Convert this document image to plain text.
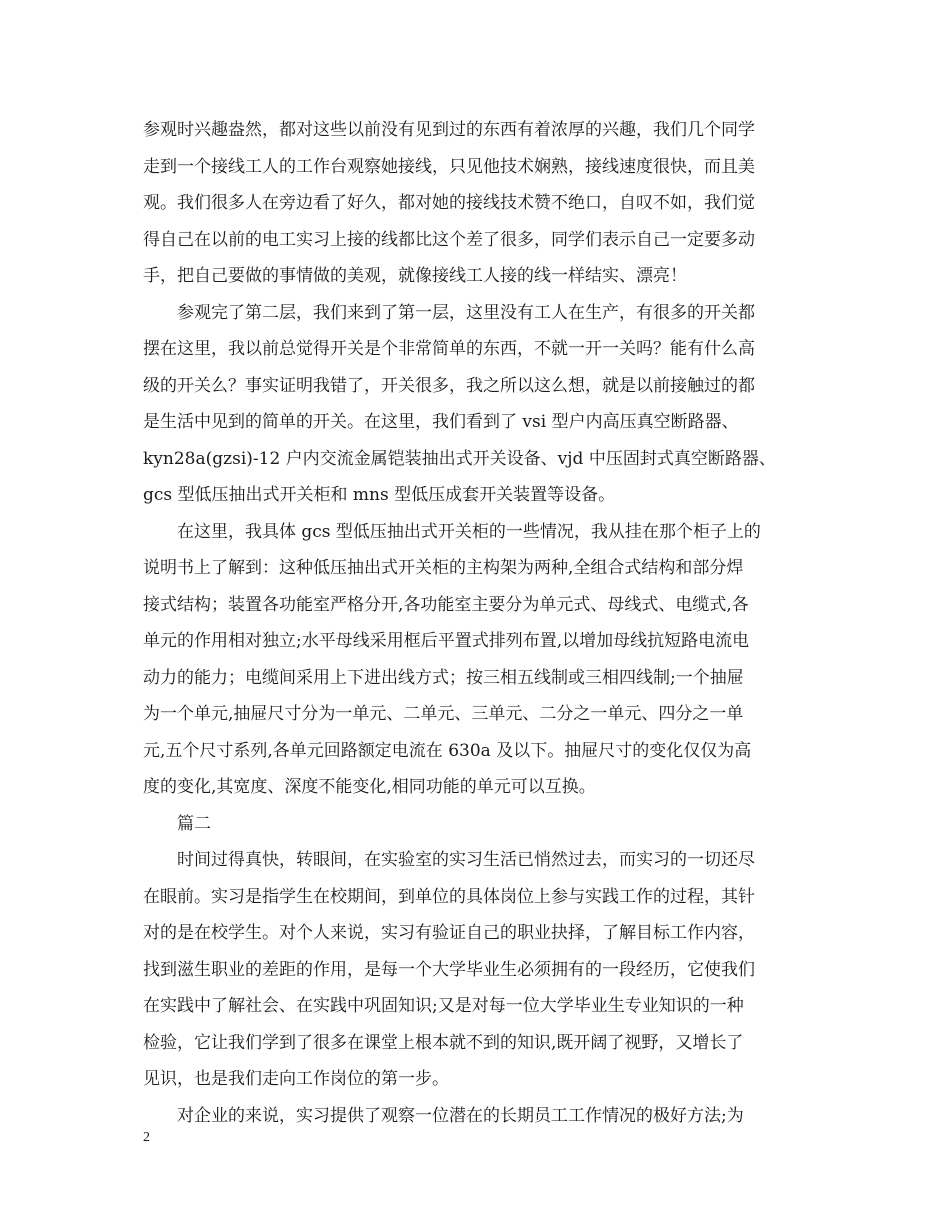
参观时兴趣盎然，都对这些以前没有见到过的东西有着浓厚的兴趣，我们几个同学
走到一个接线工人的工作台观察她接线，只见他技术娴熟，接线速度很快，而且美
观。我们很多人在旁边看了好久，都对她的接线技术赞不绝口，自叹不如，我们觉
得自己在以前的电工实习上接的线都比这个差了很多，同学们表示自己一定要多动
手，把自己要做的事情做的美观，就像接线工人接的线一样结实、漂亮！
　　参观完了第二层，我们来到了第一层，这里没有工人在生产，有很多的开关都
摆在这里，我以前总觉得开关是个非常简单的东西，不就一开一关吗？能有什么高
级的开关么？事实证明我错了，开关很多，我之所以这么想，就是以前接触过的都
是生活中见到的简单的开关。在这里，我们看到了 vsi 型户内高压真空断路器、
kyn28a(gzsi)-12 户内交流金属铠装抽出式开关设备、vjd 中压固封式真空断路器、
gcs 型低压抽出式开关柜和 mns 型低压成套开关装置等设备。
　　在这里，我具体 gcs 型低压抽出式开关柜的一些情况，我从挂在那个柜子上的
说明书上了解到：这种低压抽出式开关柜的主构架为两种,全组合式结构和部分焊
接式结构；装置各功能室严格分开,各功能室主要分为单元式、母线式、电缆式,各
单元的作用相对独立;水平母线采用框后平置式排列布置,以增加母线抗短路电流电
动力的能力；电缆间采用上下进出线方式；按三相五线制或三相四线制;一个抽屉
为一个单元,抽屉尺寸分为一单元、二单元、三单元、二分之一单元、四分之一单
元,五个尺寸系列,各单元回路额定电流在 630a 及以下。抽屉尺寸的变化仅仅为高
度的变化,其宽度、深度不能变化,相同功能的单元可以互换。
　　篇二
　　时间过得真快，转眼间，在实验室的实习生活已悄然过去，而实习的一切还尽
在眼前。实习是指学生在校期间，到单位的具体岗位上参与实践工作的过程，其针
对的是在校学生。对个人来说，实习有验证自己的职业抉择，了解目标工作内容，
找到滋生职业的差距的作用，是每一个大学毕业生必须拥有的一段经历，它使我们
在实践中了解社会、在实践中巩固知识;又是对每一位大学毕业生专业知识的一种
检验，它让我们学到了很多在课堂上根本就不到的知识,既开阔了视野，又增长了
见识，也是我们走向工作岗位的第一步。
　　对企业的来说，实习提供了观察一位潜在的长期员工工作情况的极好方法;为
2
